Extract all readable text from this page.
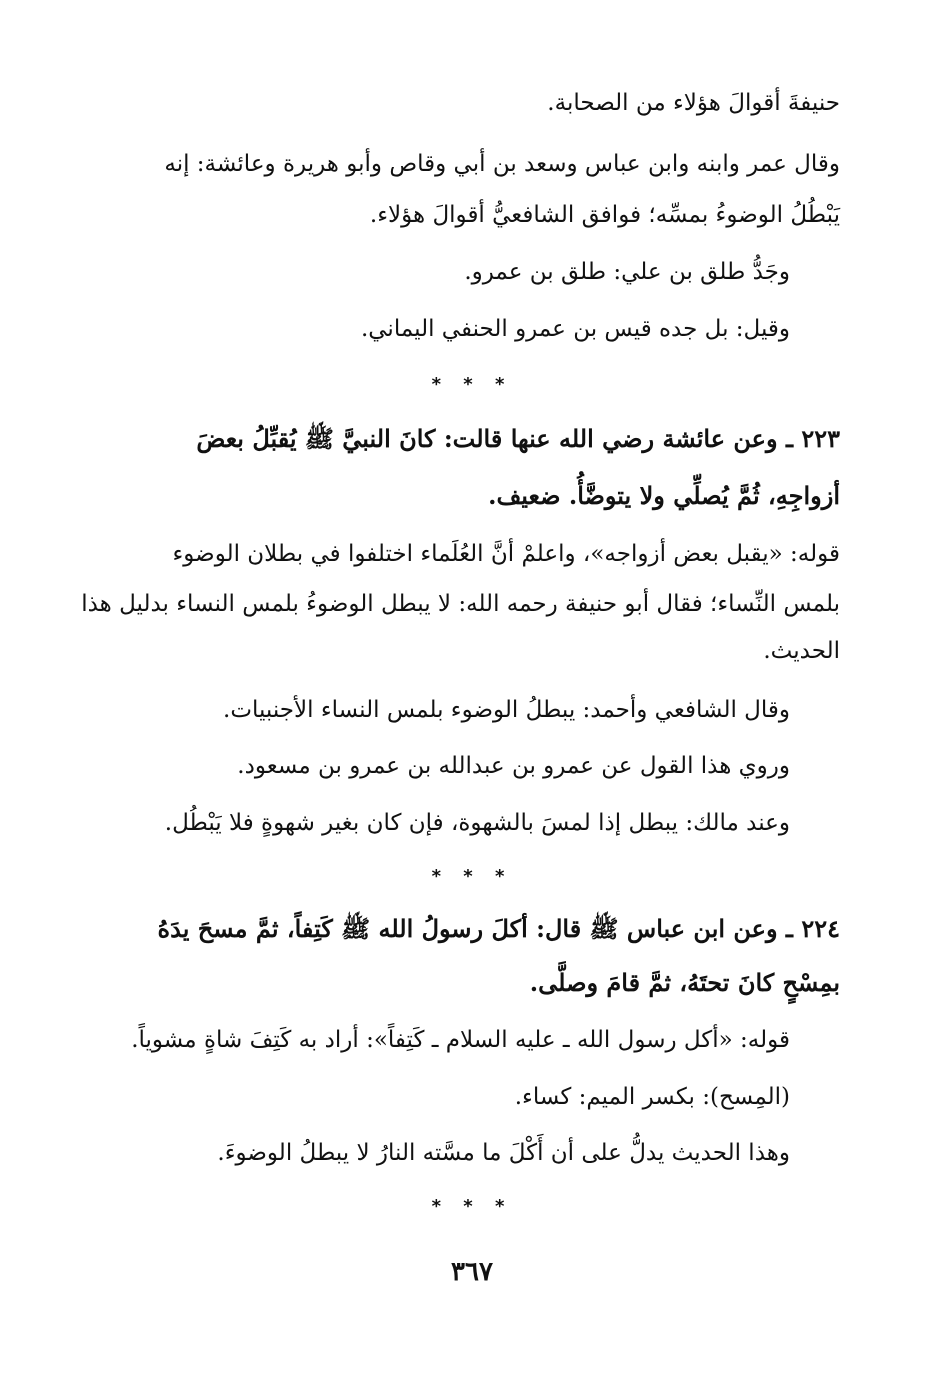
حنيفةَ أقوالَ هؤلاء من الصحابة.
وقال عمر وابنه وابن عباس وسعد بن أبي وقاص وأبو هريرة وعائشة: إنه
يَبْطُلُ الوضوءُ بمسِّه؛ فوافق الشافعيُّ أقوالَ هؤلاء.
وجَدُّ طلق بن علي: طلق بن عمرو.
وقيل: بل جده قيس بن عمرو الحنفي اليماني.
* * *
٢٢٣ ـ وعن عائشة رضي الله عنها قالت: كانَ النبيَّ ﷺ يُقبِّلُ بعضَ
أزواجِهِ، ثُمَّ يُصلِّي ولا يتوضَّأُ. ضعيف.
قوله: «يقبل بعض أزواجه»، واعلمْ أنَّ العُلَماء اختلفوا في بطلان الوضوء
بلمس النِّساء؛ فقال أبو حنيفة رحمه الله: لا يبطل الوضوءُ بلمس النساء بدليل هذا
الحديث.
وقال الشافعي وأحمد: يبطلُ الوضوء بلمس النساء الأجنبيات.
وروي هذا القول عن عمرو بن عبدالله بن عمرو بن مسعود.
وعند مالك: يبطل إذا لمسَ بالشهوة، فإن كان بغير شهوةٍ فلا يَبْطُل.
* * *
٢٢٤ ـ وعن ابن عباس ﷺ قال: أكلَ رسولُ الله ﷺ كَتِفاً، ثمَّ مسحَ يدَهُ
بمِسْحٍ كانَ تحتَهُ، ثمَّ قامَ وصلَّى.
قوله: «أكل رسول الله ـ عليه السلام ـ كَتِفاً»: أراد به كَتِفَ شاةٍ مشوياً.
(المِسح): بكسر الميم: كساء.
وهذا الحديث يدلُّ على أن أَكْلَ ما مسَّته النارُ لا يبطلُ الوضوءَ.
* * *
٣٦٧
